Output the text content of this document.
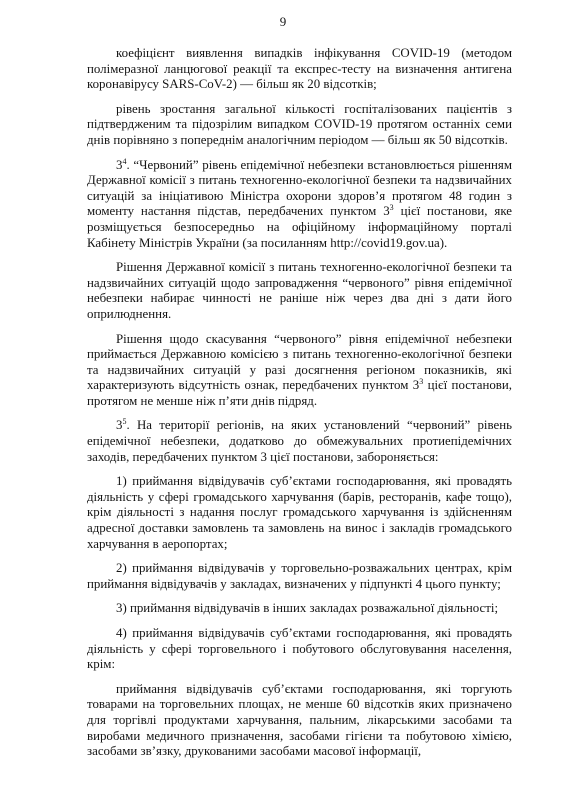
9

коефіцієнт виявлення випадків інфікування COVID-19 (методом полімеразної ланцюгової реакції та експрес-тесту на визначення антигена коронавірусу SARS-CoV-2) — більш як 20 відсотків;

рівень зростання загальної кількості госпіталізованих пацієнтів з підтвердженим та підозрілим випадком COVID-19 протягом останніх семи днів порівняно з попереднім аналогічним періодом — більш як 50 відсотків.

$3^4$. “Червоний” рівень епідемічної небезпеки встановлюється рішенням Державної комісії з питань техногенно-екологічної безпеки та надзвичайних ситуацій за ініціативою Міністра охорони здоров’я протягом 48 годин з моменту настання підстав, передбачених пунктом $3^3$ цієї постанови, яке розміщується безпосередньо на офіційному інформаційному порталі Кабінету Міністрів України (за посиланням http://covid19.gov.ua).

Рішення Державної комісії з питань техногенно-екологічної безпеки та надзвичайних ситуацій щодо запровадження “червоного” рівня епідемічної небезпеки набирає чинності не раніше ніж через два дні з дати його оприлюднення.

Рішення щодо скасування “червоного” рівня епідемічної небезпеки приймається Державною комісією з питань техногенно-екологічної безпеки та надзвичайних ситуацій у разі досягнення регіоном показників, які характеризують відсутність ознак, передбачених пунктом $3^3$ цієї постанови, протягом не менше ніж п’яти днів підряд.

$3^5$. На території регіонів, на яких установлений “червоний” рівень епідемічної небезпеки, додатково до обмежувальних протиепідемічних заходів, передбачених пунктом 3 цієї постанови, забороняється:

1) приймання відвідувачів суб’єктами господарювання, які провадять діяльність у сфері громадського харчування (барів, ресторанів, кафе тощо), крім діяльності з надання послуг громадського харчування із здійсненням адресної доставки замовлень та замовлень на винос і закладів громадського харчування в аеропортах;

2) приймання відвідувачів у торговельно-розважальних центрах, крім приймання відвідувачів у закладах, визначених у підпункті 4 цього пункту;

3) приймання відвідувачів в інших закладах розважальної діяльності;

4) приймання відвідувачів суб’єктами господарювання, які провадять діяльність у сфері торговельного і побутового обслуговування населення, крім:

приймання відвідувачів суб’єктами господарювання, які торгують товарами на торговельних площах, не менше 60 відсотків яких призначено для торгівлі продуктами харчування, пальним, лікарськими засобами та виробами медичного призначення, засобами гігієни та побутовою хімією, засобами зв’язку, друкованими засобами масової інформації,
